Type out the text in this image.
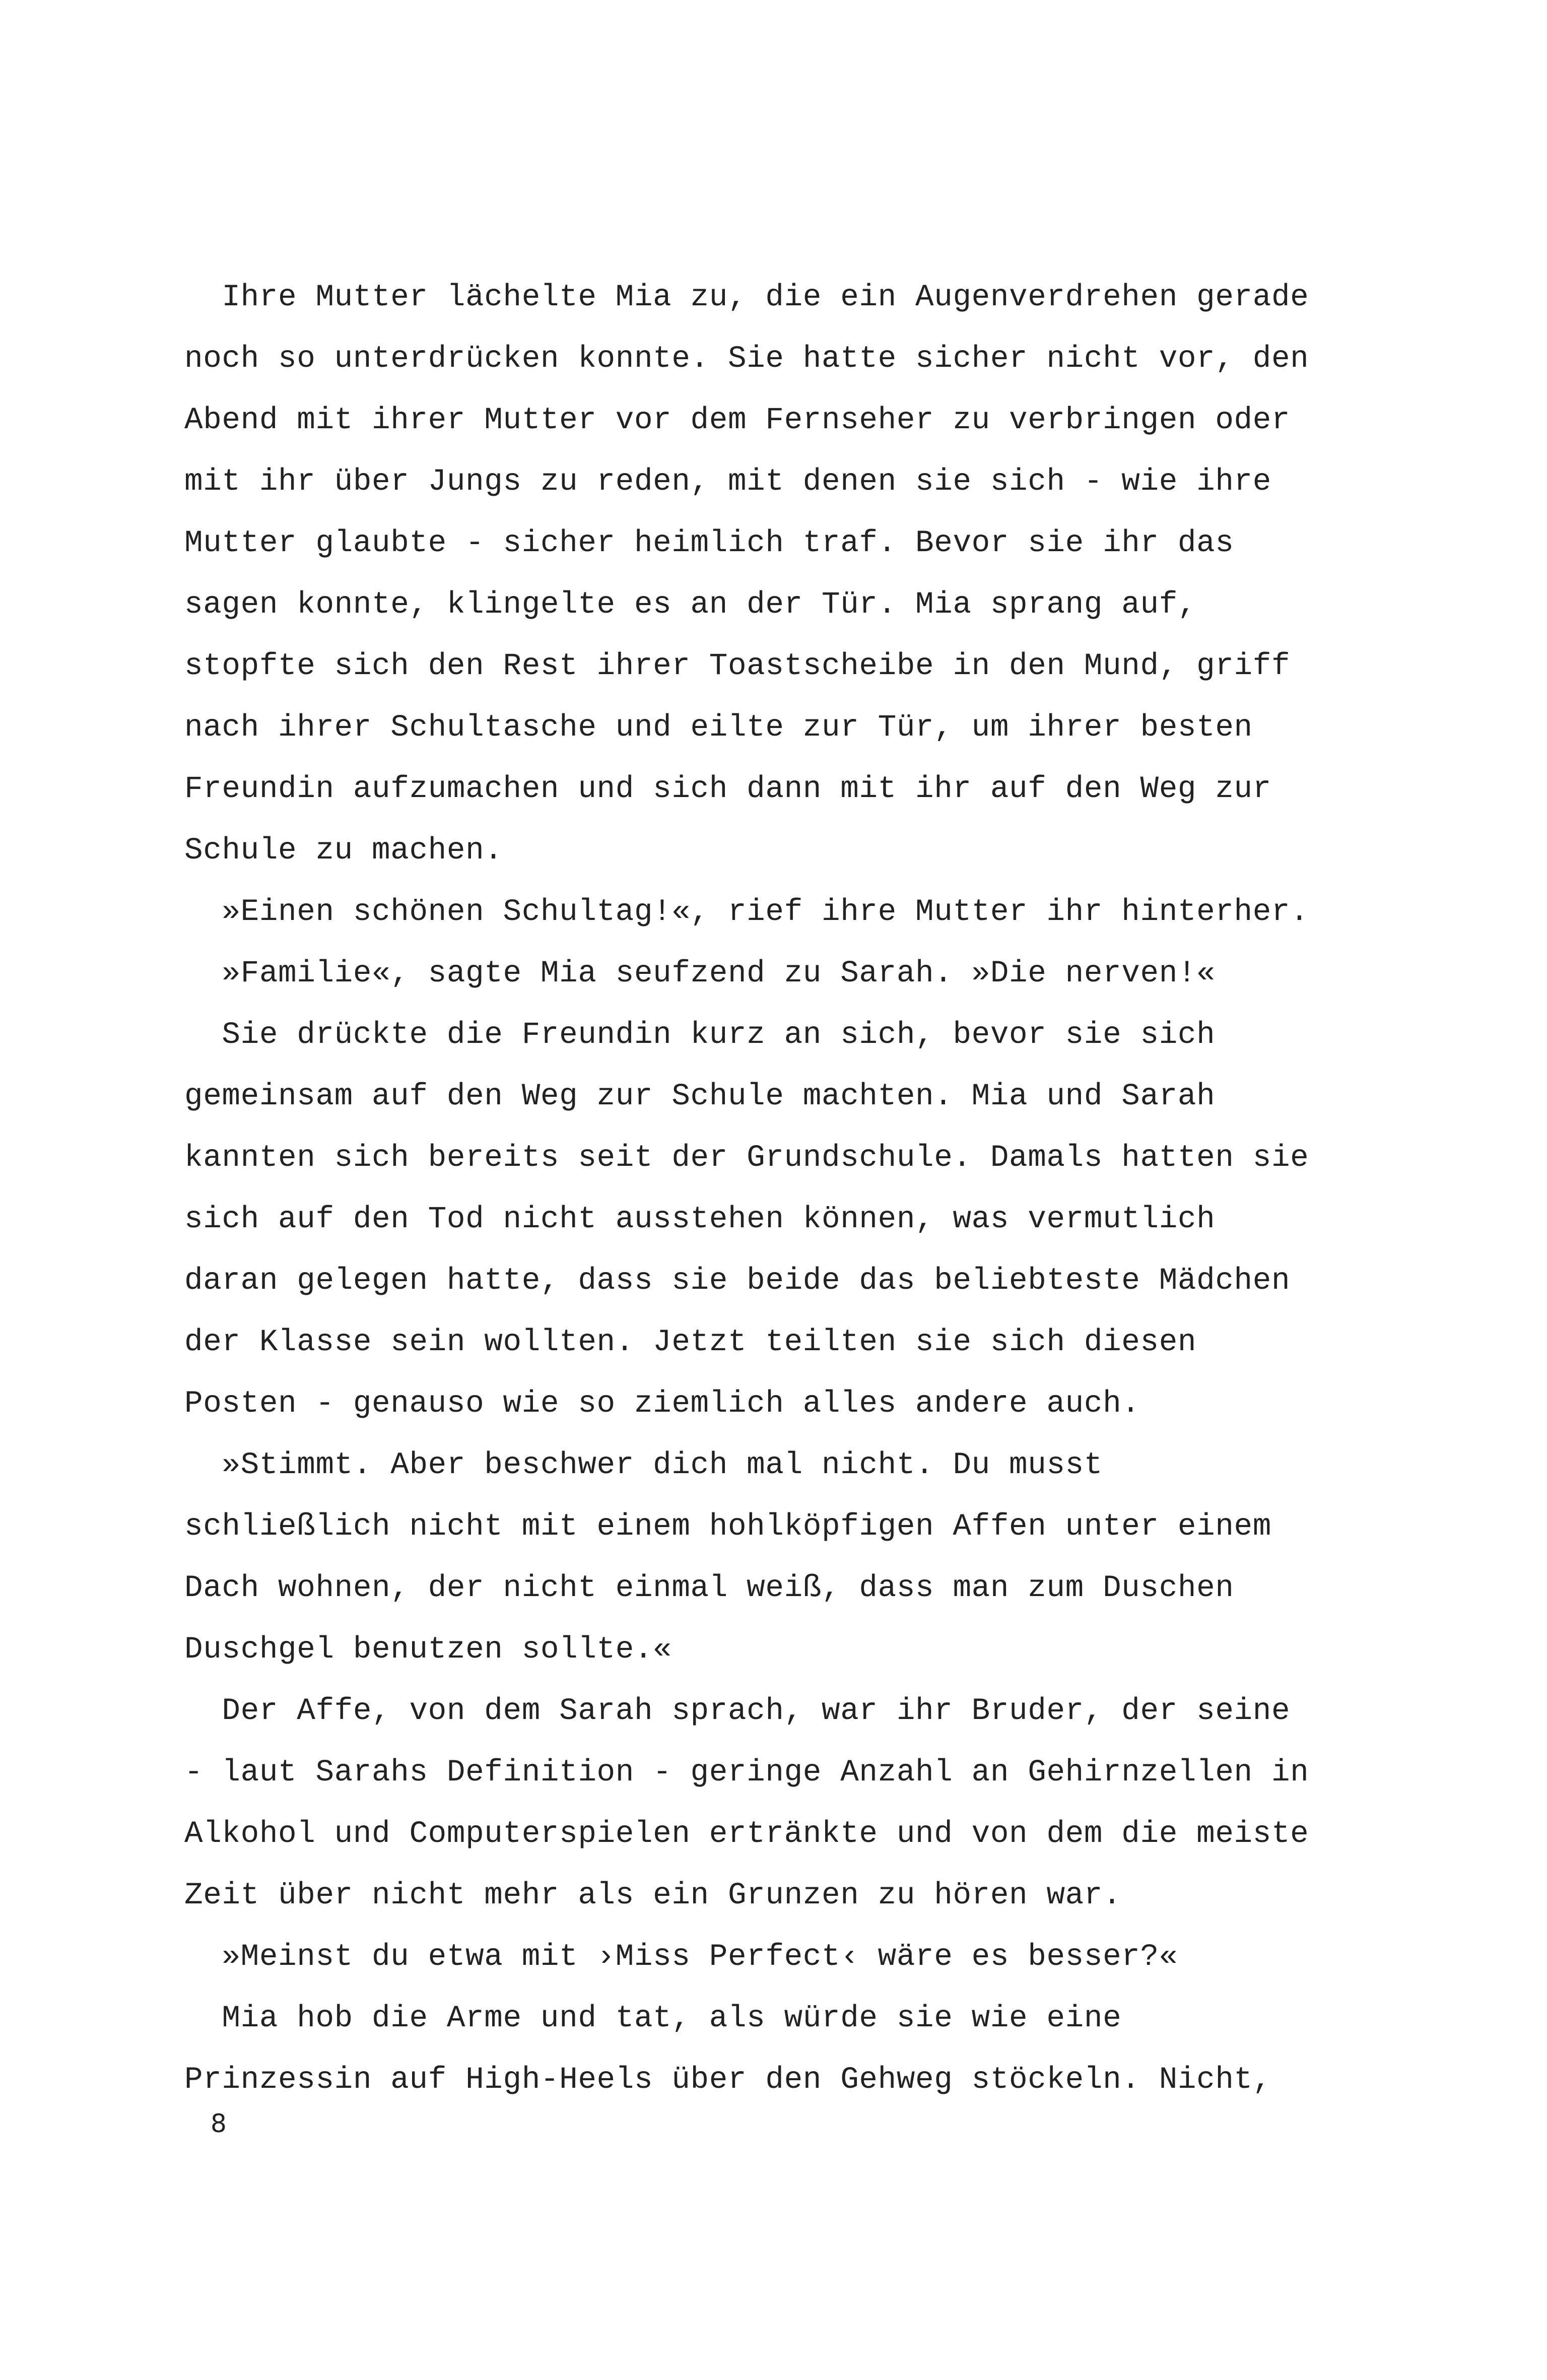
Ihre Mutter lächelte Mia zu, die ein Augenverdrehen gerade
noch so unterdrücken konnte. Sie hatte sicher nicht vor, den
Abend mit ihrer Mutter vor dem Fernseher zu verbringen oder
mit ihr über Jungs zu reden, mit denen sie sich - wie ihre
Mutter glaubte - sicher heimlich traf. Bevor sie ihr das
sagen konnte, klingelte es an der Tür. Mia sprang auf,
stopfte sich den Rest ihrer Toastscheibe in den Mund, griff
nach ihrer Schultasche und eilte zur Tür, um ihrer besten
Freundin aufzumachen und sich dann mit ihr auf den Weg zur
Schule zu machen.
»Einen schönen Schultag!«, rief ihre Mutter ihr hinterher.
»Familie«, sagte Mia seufzend zu Sarah. »Die nerven!«
Sie drückte die Freundin kurz an sich, bevor sie sich
gemeinsam auf den Weg zur Schule machten. Mia und Sarah
kannten sich bereits seit der Grundschule. Damals hatten sie
sich auf den Tod nicht ausstehen können, was vermutlich
daran gelegen hatte, dass sie beide das beliebteste Mädchen
der Klasse sein wollten. Jetzt teilten sie sich diesen
Posten - genauso wie so ziemlich alles andere auch.
»Stimmt. Aber beschwer dich mal nicht. Du musst
schließlich nicht mit einem hohlköpfigen Affen unter einem
Dach wohnen, der nicht einmal weiß, dass man zum Duschen
Duschgel benutzen sollte.«
Der Affe, von dem Sarah sprach, war ihr Bruder, der seine
- laut Sarahs Definition - geringe Anzahl an Gehirnzellen in
Alkohol und Computerspielen ertränkte und von dem die meiste
Zeit über nicht mehr als ein Grunzen zu hören war.
»Meinst du etwa mit ›Miss Perfect‹ wäre es besser?«
Mia hob die Arme und tat, als würde sie wie eine
Prinzessin auf High-Heels über den Gehweg stöckeln. Nicht,
8
